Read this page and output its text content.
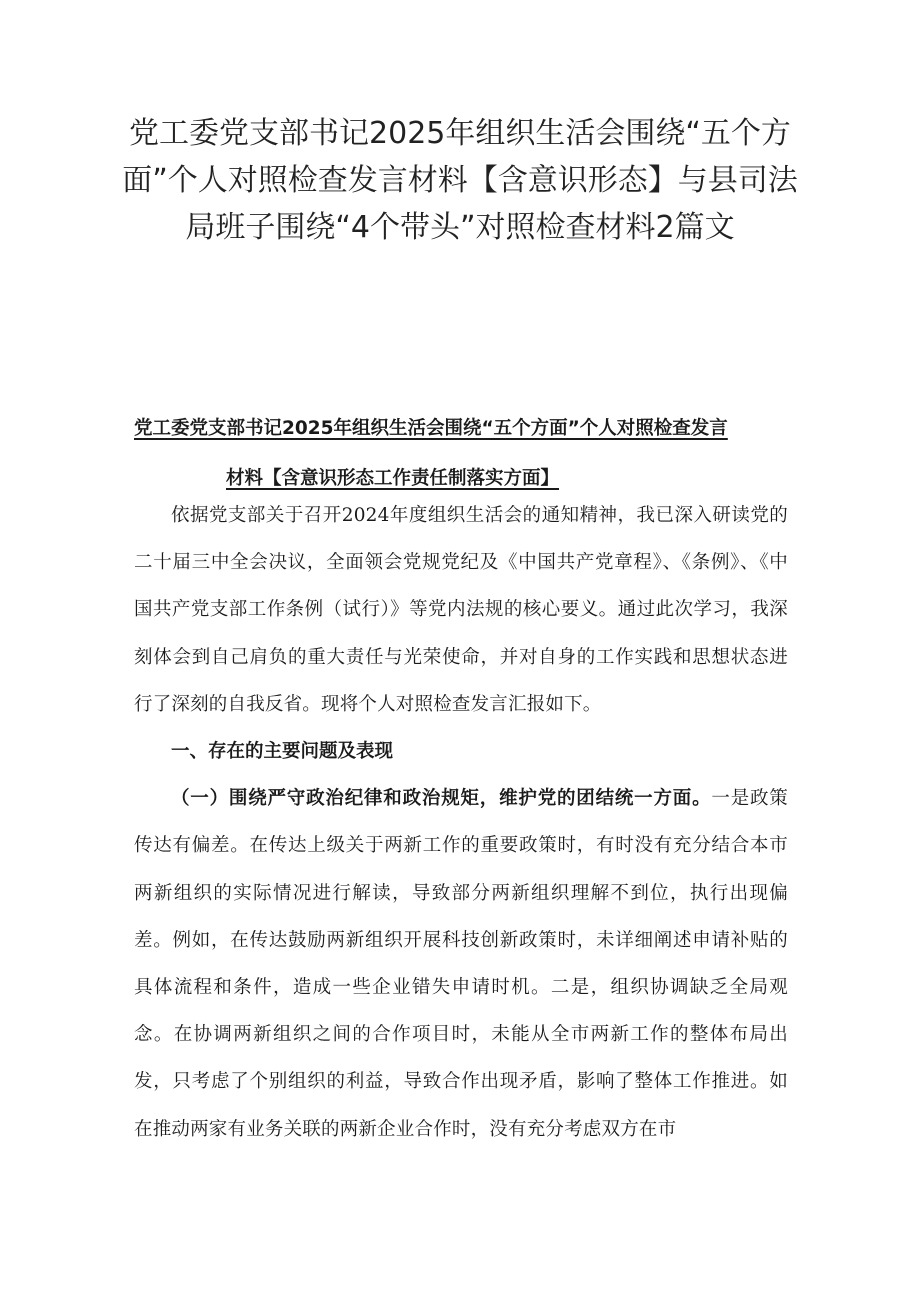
党工委党支部书记2025年组织生活会围绕“五个方面”个人对照检查发言材料【含意识形态】与县司法局班子围绕“4个带头”对照检查材料2篇文
党工委党支部书记2025年组织生活会围绕“五个方面”个人对照检查发言
材料【含意识形态工作责任制落实方面】

依据党支部关于召开2024年度组织生活会的通知精神，我已深入研读党的二十届三中全会决议，全面领会党规党纪及《中国共产党章程》、《条例》、《中国共产党支部工作条例（试行）》等党内法规的核心要义。通过此次学习，我深刻体会到自己肩负的重大责任与光荣使命，并对自身的工作实践和思想状态进行了深刻的自我反省。现将个人对照检查发言汇报如下。

一、存在的主要问题及表现

（一）围绕严守政治纪律和政治规矩，维护党的团结统一方面。一是政策传达有偏差。在传达上级关于两新工作的重要政策时，有时没有充分结合本市两新组织的实际情况进行解读，导致部分两新组织理解不到位，执行出现偏差。例如，在传达鼓励两新组织开展科技创新政策时，未详细阐述申请补贴的具体流程和条件，造成一些企业错失申请时机。二是，组织协调缺乏全局观念。在协调两新组织之间的合作项目时，未能从全市两新工作的整体布局出发，只考虑了个别组织的利益，导致合作出现矛盾，影响了整体工作推进。如在推动两家有业务关联的两新企业合作时，没有充分考虑双方在市
